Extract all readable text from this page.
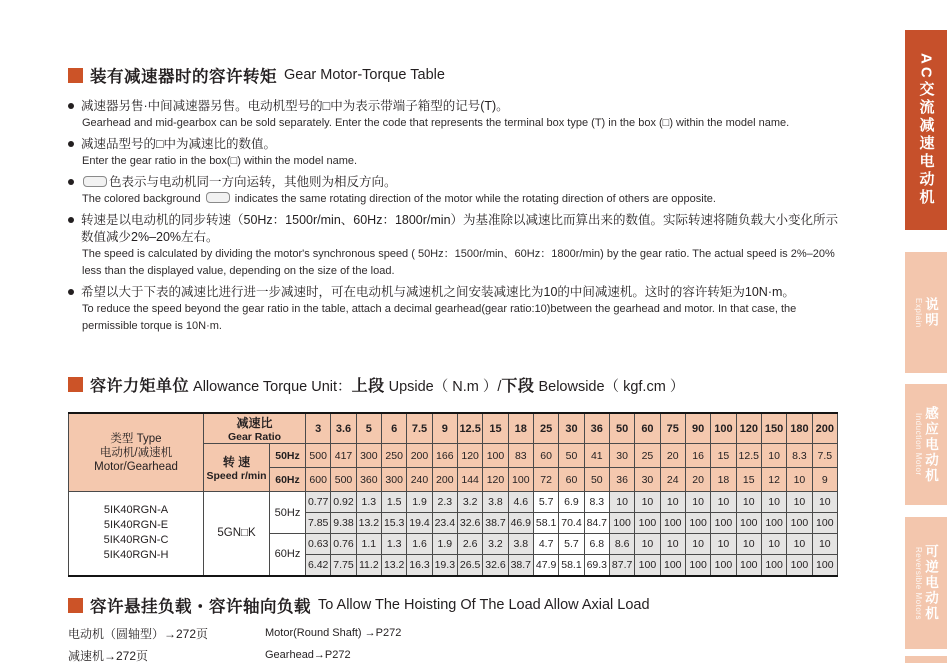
装有减速器时的容许转矩 Gear Motor-Torque Table
减速器另售·中间减速器另售。电动机型号的□中为表示带端子箱型的记号(T)。
Gearhead and mid-gearbox can be sold separately. Enter the code that represents the terminal box type (T) in the box (□) within the model name.
减速品型号的□中为减速比的数值。
Enter the gear ratio in the box(□) within the model name.
色表示与电动机同一方向运转，其他则为相反方向。
The colored background	indicates the same rotating direction of the motor while the rotating direction of others are opposite.
转速是以电动机的同步转速（50Hz：1500r/min、60Hz：1800r/min）为基准除以减速比而算出来的数值。实际转速将随负载大小变化所示数值减少2%–20%左右。
The speed is calculated by dividing the motor's synchronous speed ( 50Hz：1500r/min、60Hz：1800r/min) by the gear ratio. The actual speed is 2%–20% less than the displayed value, depending on the size of the load.
希望以大于下表的减速比进行进一步减速时，可在电动机与减速机之间安装减速比为10的中间减速机。这时的容许转矩为10N·m。
To reduce the speed beyond the gear ratio in the table, attach a decimal gearhead(gear ratio:10)between the gearhead and motor. In that case, the permissible torque is 10N·m.
容许力矩单位 Allowance Torque Unit：上段 Upside（ N.m ）/下段 Belowside（ kgf.cm ）
类型 Type
电动机/减速机
Motor/Gearhead	减速比
Gear Ratio		3	3.6	5	6	7.5	9	12.5	15	18	25	30	36	50	60	75	90	100	120	150	180	200
	转 速
Speed r/min	50Hz	500	417	300	250	200	166	120	100	83	60	50	41	30	25	20	16	15	12.5	10	8.3	7.5
		60Hz	600	500	360	300	240	200	144	120	100	72	60	50	36	30	24	20	18	15	12	10	9
5IK40RGN-A
5IK40RGN-E
5IK40RGN-C
5IK40RGN-H	5GN□K	50Hz	0.77	0.92	1.3	1.5	1.9	2.3	3.2	3.8	4.6	5.7	6.9	8.3	10	10	10	10	10	10	10	10	10
			7.85	9.38	13.2	15.3	19.4	23.4	32.6	38.7	46.9	58.1	70.4	84.7	100	100	100	100	100	100	100	100	100
		60Hz	0.63	0.76	1.1	1.3	1.6	1.9	2.6	3.2	3.8	4.7	5.7	6.8	8.6	10	10	10	10	10	10	10	10
			6.42	7.75	11.2	13.2	16.3	19.3	26.5	32.6	38.7	47.9	58.1	69.3	87.7	100	100	100	100	100	100	100	100
容许悬挂负载・容许轴向负载 To Allow The Hoisting Of The Load Allow Axial Load
电动机（圆轴型）→272页	Motor(Round Shaft) →P272
减速机→272页	Gearhead→P272
AC交流减速电动机
Explain 说明
Induction Motor 感应电动机
Reversible Motors 可逆电动机
